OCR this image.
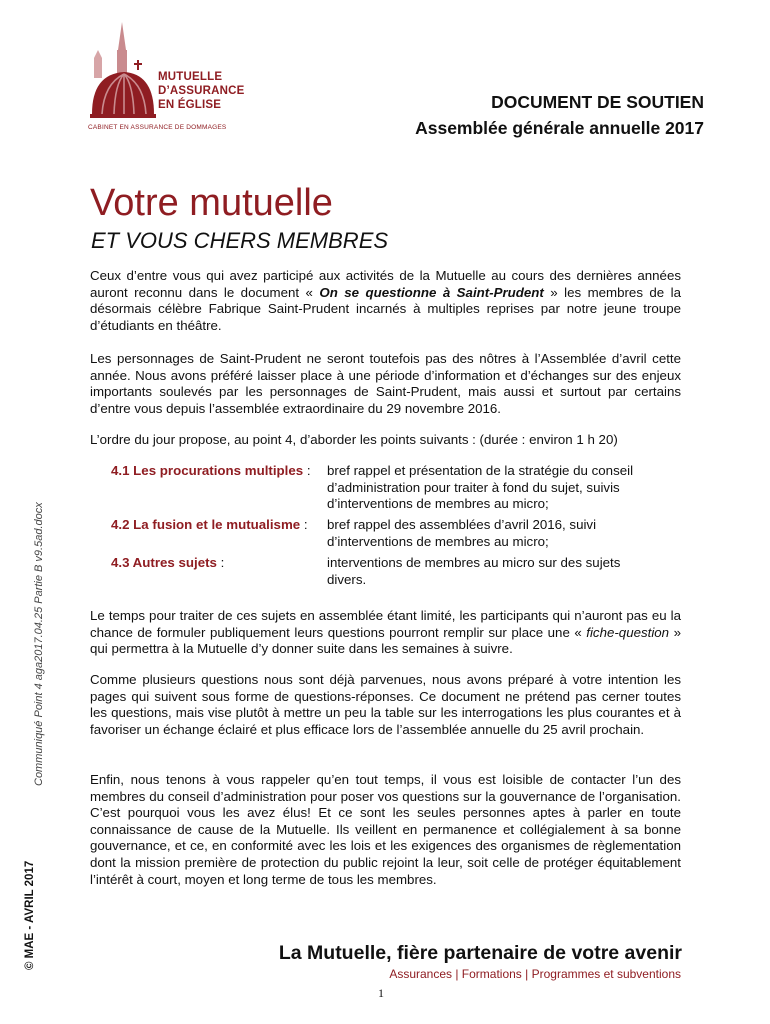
MUTUELLE
D’ASSURANCE
EN ÉGLISE
CABINET EN ASSURANCE DE DOMMAGES
DOCUMENT DE SOUTIEN
Assemblée générale annuelle 2017
Votre mutuelle
ET VOUS CHERS MEMBRES

Ceux d’entre vous qui avez participé aux activités de la Mutuelle au cours des dernières années auront reconnu dans le document « On se questionne à Saint-Prudent » les membres de la désormais célèbre Fabrique Saint-Prudent incarnés à multiples reprises par notre jeune troupe d’étudiants en théâtre.

Les personnages de Saint-Prudent ne seront toutefois pas des nôtres à l’Assemblée d’avril cette année. Nous avons préféré laisser place à une période d’information et d’échanges sur des enjeux importants soulevés par les personnages de Saint-Prudent, mais aussi et surtout par certains d’entre vous depuis l’assemblée extraordinaire du 29 novembre 2016.

L’ordre du jour propose, au point 4, d’aborder les points suivants : (durée : environ 1 h 20)

4.1 Les procurations multiples : bref rappel et présentation de la stratégie du conseil d’administration pour traiter à fond du sujet, suivis d’interventions de membres au micro;
4.2 La fusion et le mutualisme : bref rappel des assemblées d’avril 2016, suivi d’interventions de membres au micro;
4.3 Autres sujets :	interventions de membres au micro sur des sujets divers.

Le temps pour traiter de ces sujets en assemblée étant limité, les participants qui n’auront pas eu la chance de formuler publiquement leurs questions pourront remplir sur place une « fiche-question » qui permettra à la Mutuelle d’y donner suite dans les semaines à suivre.

Comme plusieurs questions nous sont déjà parvenues, nous avons préparé à votre intention les pages qui suivent sous forme de questions-réponses. Ce document ne prétend pas cerner toutes les questions, mais vise plutôt à mettre un peu la table sur les interrogations les plus courantes et à favoriser un échange éclairé et plus efficace lors de l’assemblée annuelle du 25 avril prochain.

Enfin, nous tenons à vous rappeler qu’en tout temps, il vous est loisible de contacter l’un des membres du conseil d’administration pour poser vos questions sur la gouvernance de l’organisation. C’est pourquoi vous les avez élus! Et ce sont les seules personnes aptes à parler en toute connaissance de cause de la Mutuelle. Ils veillent en permanence et collégialement à sa bonne gouvernance, et ce, en conformité avec les lois et les exigences des organismes de règlementation dont la mission première de protection du public rejoint la leur, soit celle de protéger équitablement l’intérêt à court, moyen et long terme de tous les membres.

Communiqué Point 4 aga2017.04.25 Partie B v9.5ad.docx
© MAE - AVRIL 2017	La Mutuelle, fière partenaire de votre avenir
Assurances | Formations | Programmes et subventions
1
